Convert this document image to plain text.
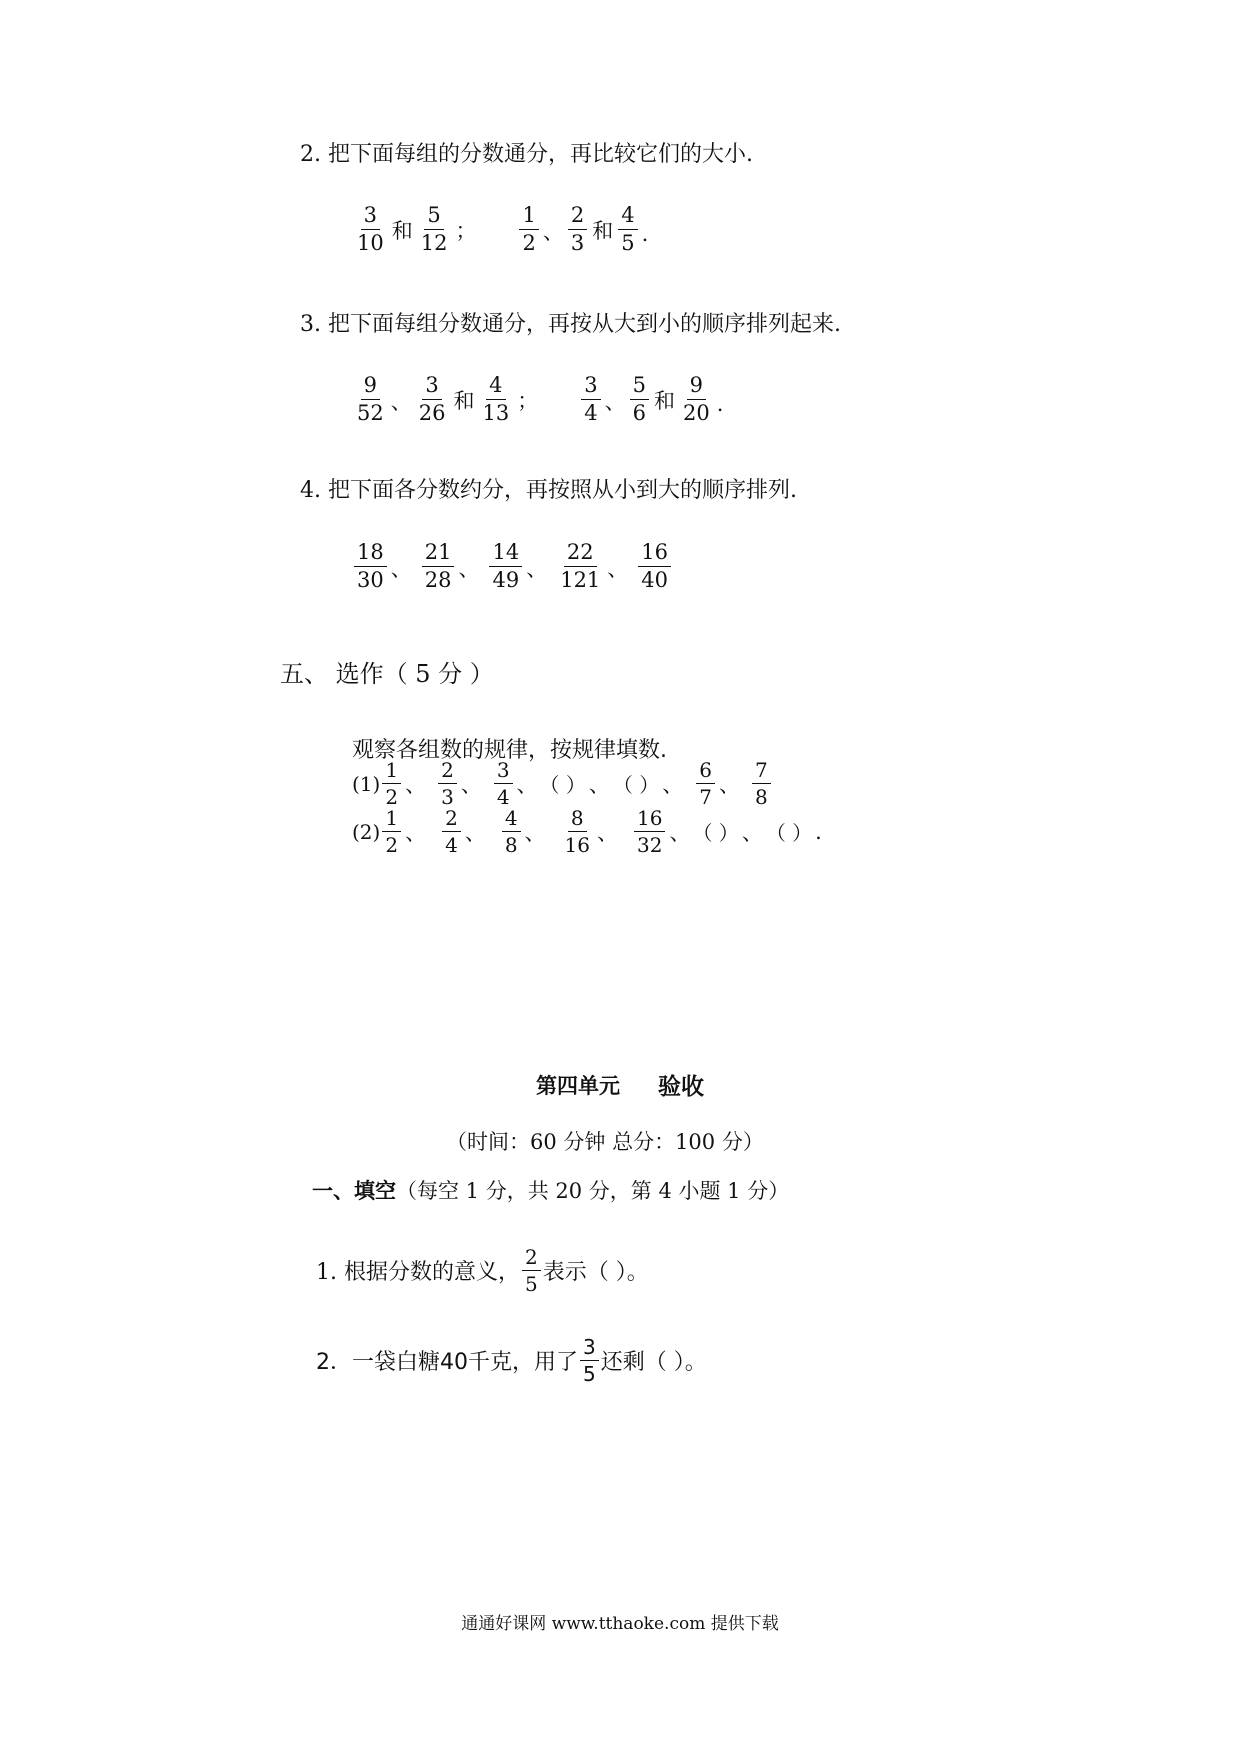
2. 把下面每组的分数通分，再比较它们的大小.
$\frac{3}{10}$ 和 $\frac{5}{12}$ ； $\frac{1}{2}$ 、 $\frac{2}{3}$ 和 $\frac{4}{5}$ .
3. 把下面每组分数通分，再按从大到小的顺序排列起来.
$\frac{9}{52}$ 、 $\frac{3}{26}$ 和 $\frac{4}{13}$ ； $\frac{3}{4}$ 、 $\frac{5}{6}$ 和 $\frac{9}{20}$ .
4. 把下面各分数约分，再按照从小到大的顺序排列.
$\frac{18}{30}$ 、 $\frac{21}{28}$ 、 $\frac{14}{49}$ 、 $\frac{22}{121}$ 、 $\frac{16}{40}$
五、 选作（ 5 分 ）
观察各组数的规律，按规律填数.
$(1) \frac{1}{2}$ 、 $\frac{2}{3}$ 、 $\frac{3}{4}$ 、 （ ） 、 （ ） 、 $\frac{6}{7}$ 、 $\frac{7}{8}$
$(2) \frac{1}{2}$ 、 $\frac{2}{4}$ 、 $\frac{4}{8}$ 、 $\frac{8}{16}$ 、 $\frac{16}{32}$ 、 （ ） 、 （ ） .
第四单元 验收
（时间：60 分钟 总分：100 分）
一、填空 （每空 1 分，共 20 分，第 4 小题 1 分）
1. 根据分数的意义， $\frac{2}{5}$ 表示（ ）。
2．一袋白糖40千克，用了 $\frac{3}{5}$ 还剩（ ）。
通通好课网 www.tthaoke.com 提供下载
